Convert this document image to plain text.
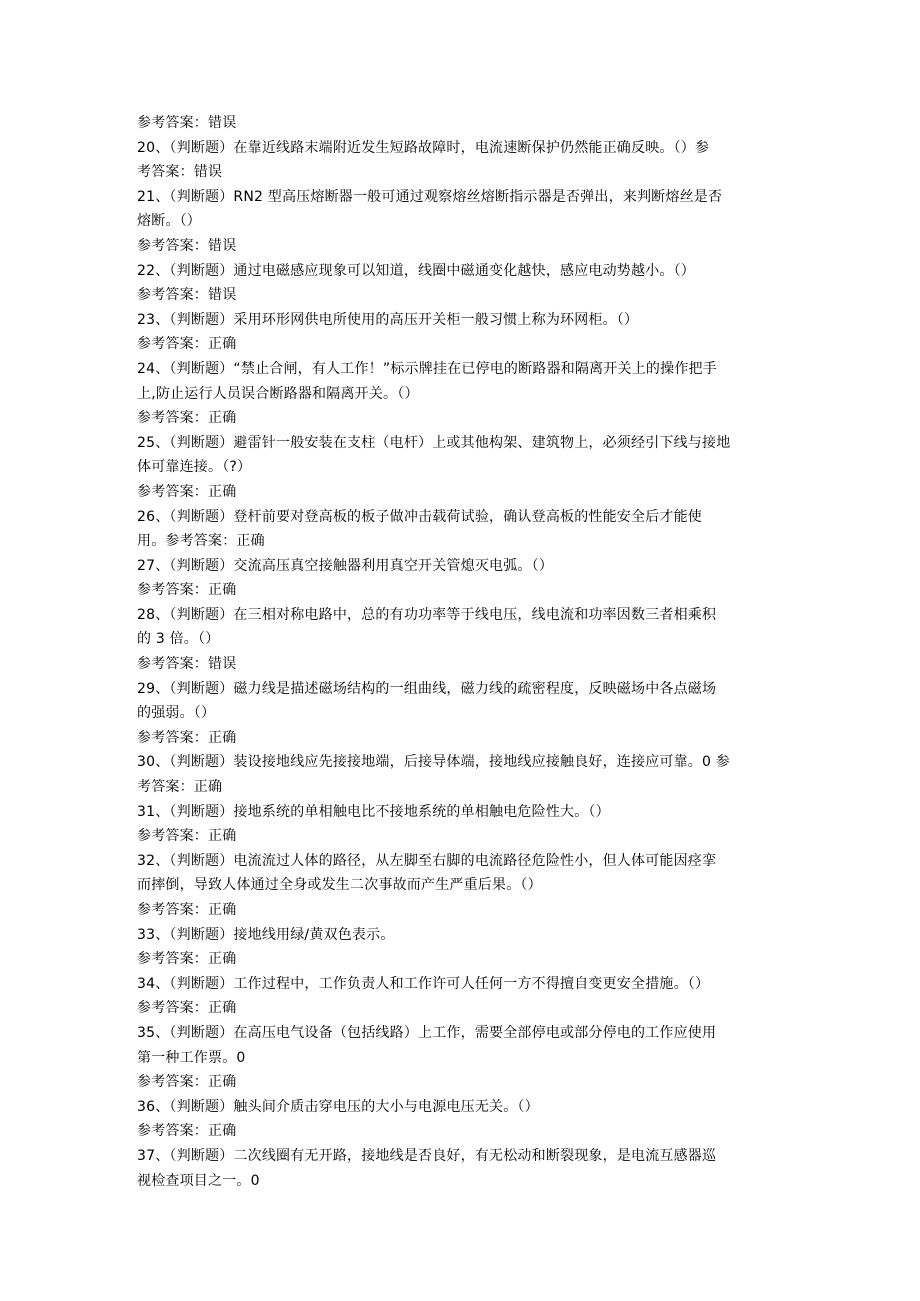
参考答案：错误
20、（判断题）在靠近线路末端附近发生短路故障时，电流速断保护仍然能正确反映。（）参
考答案：错误
21、（判断题）RN2 型高压熔断器一般可通过观察熔丝熔断指示器是否弹出，来判断熔丝是否
熔断。（）
参考答案：错误
22、（判断题）通过电磁感应现象可以知道，线圈中磁通变化越快，感应电动势越小。（）
参考答案：错误
23、（判断题）采用环形网供电所使用的高压开关柜一般习惯上称为环网柜。（）
参考答案：正确
24、（判断题）“禁止合闸，有人工作！”标示牌挂在已停电的断路器和隔离开关上的操作把手
上,防止运行人员误合断路器和隔离开关。（）
参考答案：正确
25、（判断题）避雷针一般安装在支柱（电杆）上或其他构架、建筑物上，必须经引下线与接地
体可靠连接。（?）
参考答案：正确
26、（判断题）登杆前要对登高板的板子做冲击载荷试验，确认登高板的性能安全后才能使
用。参考答案：正确
27、（判断题）交流高压真空接触器利用真空开关管熄灭电弧。（）
参考答案：正确
28、（判断题）在三相对称电路中，总的有功功率等于线电压，线电流和功率因数三者相乘积
的 3 倍。（）
参考答案：错误
29、（判断题）磁力线是描述磁场结构的一组曲线，磁力线的疏密程度，反映磁场中各点磁场
的强弱。（）
参考答案：正确
30、（判断题）装设接地线应先接接地端，后接导体端，接地线应接触良好，连接应可靠。0 参
考答案：正确
31、（判断题）接地系统的单相触电比不接地系统的单相触电危险性大。（）
参考答案：正确
32、（判断题）电流流过人体的路径，从左脚至右脚的电流路径危险性小，但人体可能因痉挛
而摔倒，导致人体通过全身或发生二次事故而产生严重后果。（）
参考答案：正确
33、（判断题）接地线用绿/黄双色表示。
参考答案：正确
34、（判断题）工作过程中，工作负责人和工作许可人任何一方不得擅自变更安全措施。（）
参考答案：正确
35、（判断题）在高压电气设备（包括线路）上工作，需要全部停电或部分停电的工作应使用
第一种工作票。0
参考答案：正确
36、（判断题）触头间介质击穿电压的大小与电源电压无关。（）
参考答案：正确
37、（判断题）二次线圈有无开路，接地线是否良好，有无松动和断裂现象，是电流互感器巡
视检查项目之一。0
